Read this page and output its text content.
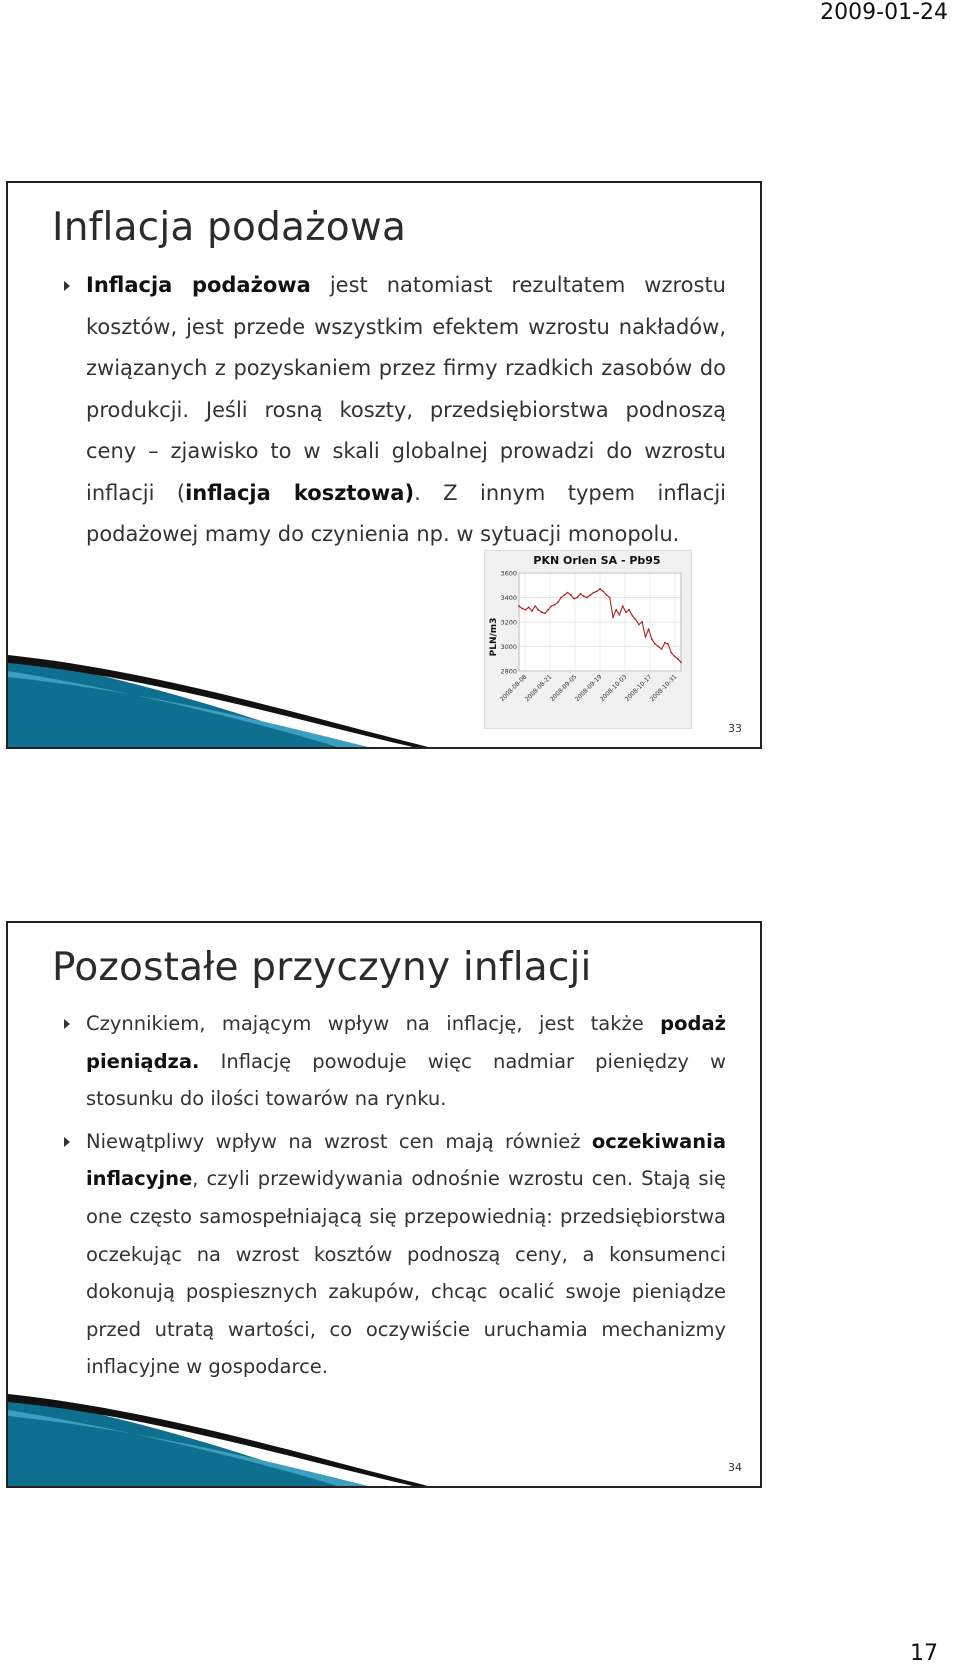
2009-01-24
Inflacja podażowa
Inflacja podażowa jest natomiast rezultatem wzrostu kosztów, jest przede wszystkim efektem wzrostu nakładów, związanych z pozyskaniem przez firmy rzadkich zasobów do produkcji. Jeśli rosną koszty, przedsiębiorstwa podnoszą ceny – zjawisko to w skali globalnej prowadzi do wzrostu inflacji (inflacja kosztowa). Z innym typem inflacji podażowej mamy do czynienia np. w sytuacji monopolu.
PKN Orlen SA - Pb95
PLN/m3
3600
3400
3200
3000
2800
2008-08-08
2008-08-21
2008-09-05
2008-09-19
2008-10-03
2008-10-17
2008-10-31
33
Pozostałe przyczyny inflacji
Czynnikiem, mającym wpływ na inflację, jest także podaż pieniądza. Inflację powoduje więc nadmiar pieniędzy w stosunku do ilości towarów na rynku.
Niewątpliwy wpływ na wzrost cen mają również oczekiwania inflacyjne, czyli przewidywania odnośnie wzrostu cen. Stają się one często samospełniającą się przepowiednią: przedsiębiorstwa oczekując na wzrost kosztów podnoszą ceny, a konsumenci dokonują pospiesznych zakupów, chcąc ocalić swoje pieniądze przed utratą wartości, co oczywiście uruchamia mechanizmy inflacyjne w gospodarce.
34
17
